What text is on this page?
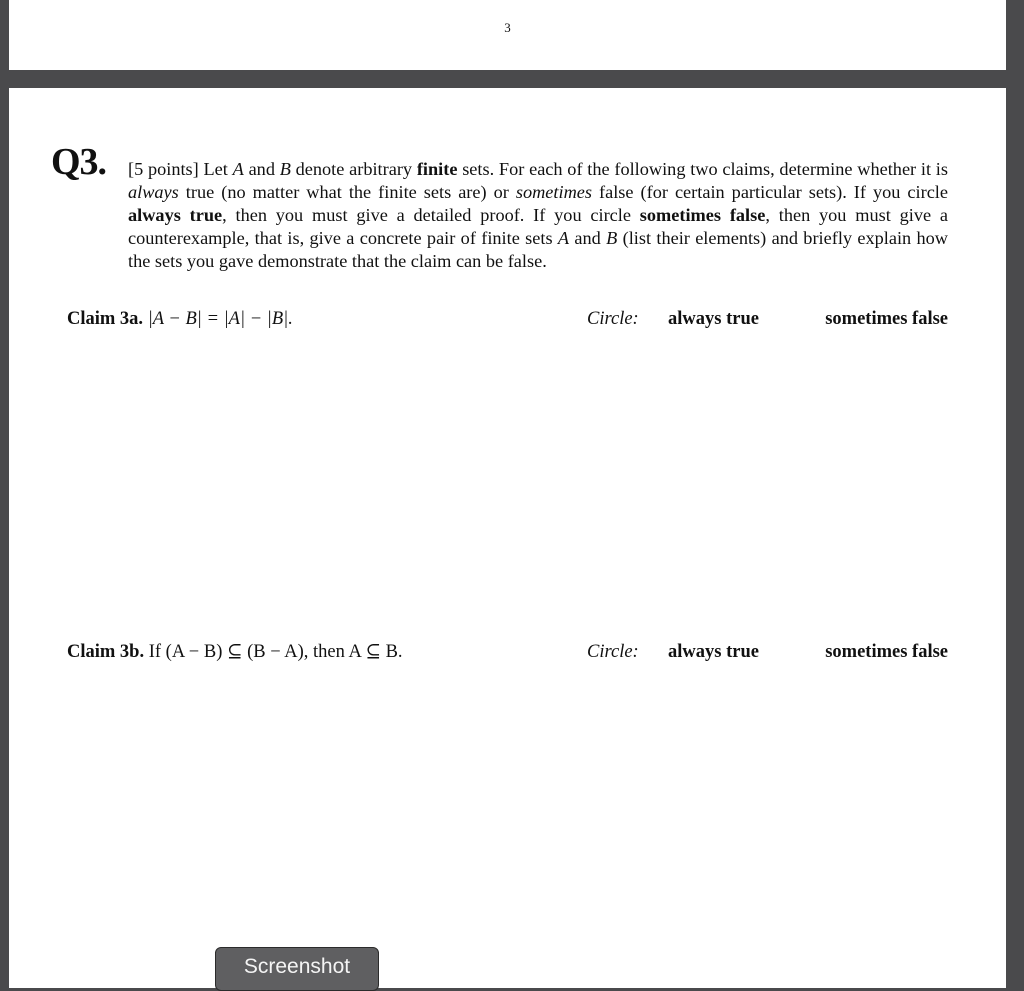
3
Q3. [5 points] Let A and B denote arbitrary finite sets. For each of the following two claims, determine whether it is always true (no matter what the finite sets are) or sometimes false (for certain particular sets). If you circle always true, then you must give a detailed proof. If you circle sometimes false, then you must give a counterexample, that is, give a concrete pair of finite sets A and B (list their elements) and briefly explain how the sets you gave demonstrate that the claim can be false.
Claim 3a. |A − B| = |A| − |B|.	Circle: always true	sometimes false
Claim 3b. If (A − B) ⊆ (B − A), then A ⊆ B.	Circle: always true	sometimes false
Screenshot
